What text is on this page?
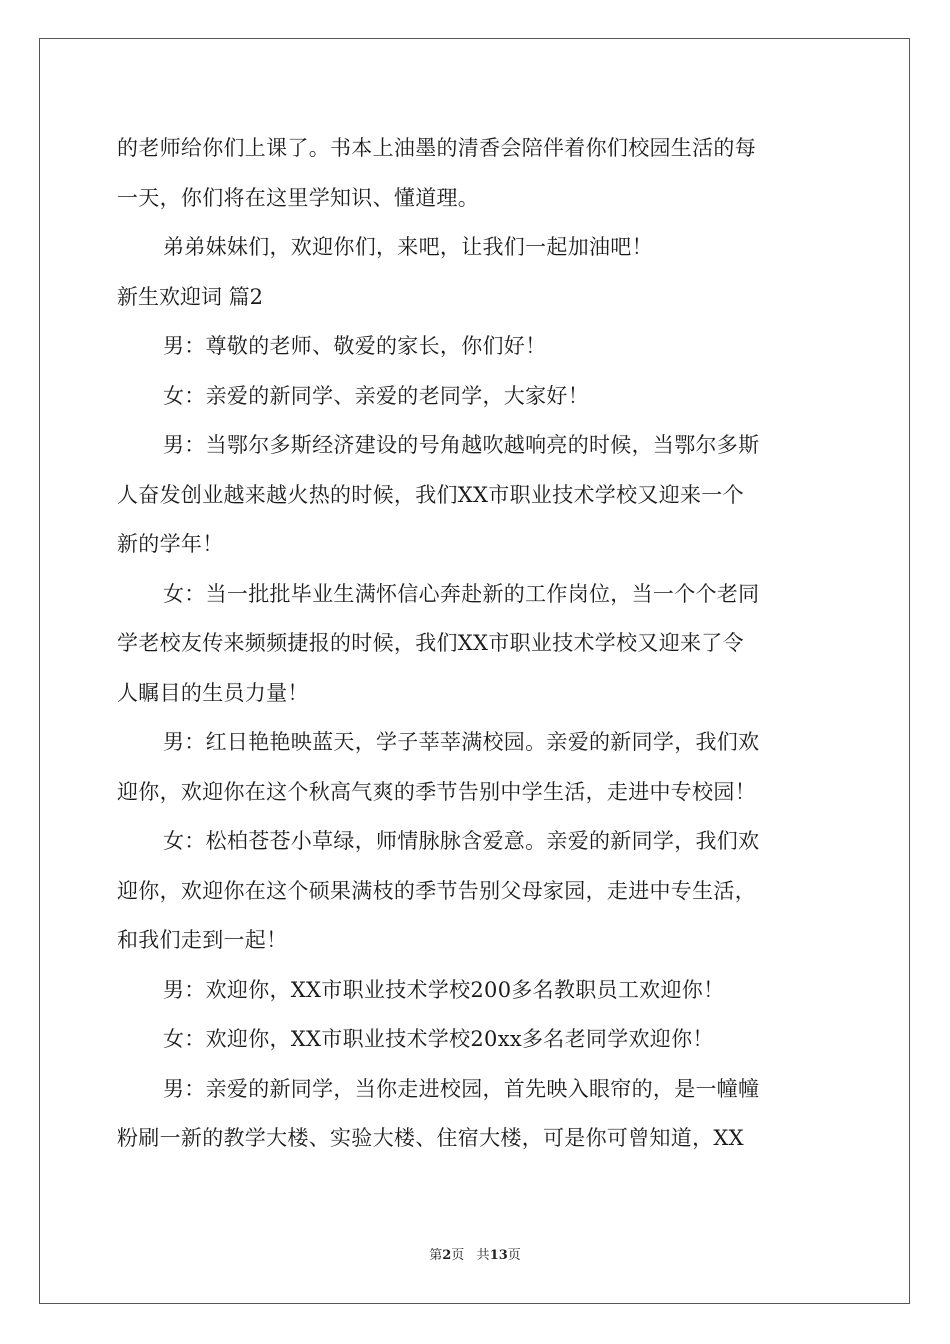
的老师给你们上课了。书本上油墨的清香会陪伴着你们校园生活的每
一天，你们将在这里学知识、懂道理。
弟弟妹妹们，欢迎你们，来吧，让我们一起加油吧！
新生欢迎词 篇2
男：尊敬的老师、敬爱的家长，你们好！
女：亲爱的新同学、亲爱的老同学，大家好！
男：当鄂尔多斯经济建设的号角越吹越响亮的时候，当鄂尔多斯
人奋发创业越来越火热的时候，我们XX市职业技术学校又迎来一个
新的学年！
女：当一批批毕业生满怀信心奔赴新的工作岗位，当一个个老同
学老校友传来频频捷报的时候，我们XX市职业技术学校又迎来了令
人瞩目的生员力量！
男：红日艳艳映蓝天，学子莘莘满校园。亲爱的新同学，我们欢
迎你，欢迎你在这个秋高气爽的季节告别中学生活，走进中专校园！
女：松柏苍苍小草绿，师情脉脉含爱意。亲爱的新同学，我们欢
迎你，欢迎你在这个硕果满枝的季节告别父母家园，走进中专生活，
和我们走到一起！
男：欢迎你，XX市职业技术学校200多名教职员工欢迎你！
女：欢迎你，XX市职业技术学校20xx多名老同学欢迎你！
男：亲爱的新同学，当你走进校园，首先映入眼帘的，是一幢幢
粉刷一新的教学大楼、实验大楼、住宿大楼，可是你可曾知道，XX
第2页 共13页
